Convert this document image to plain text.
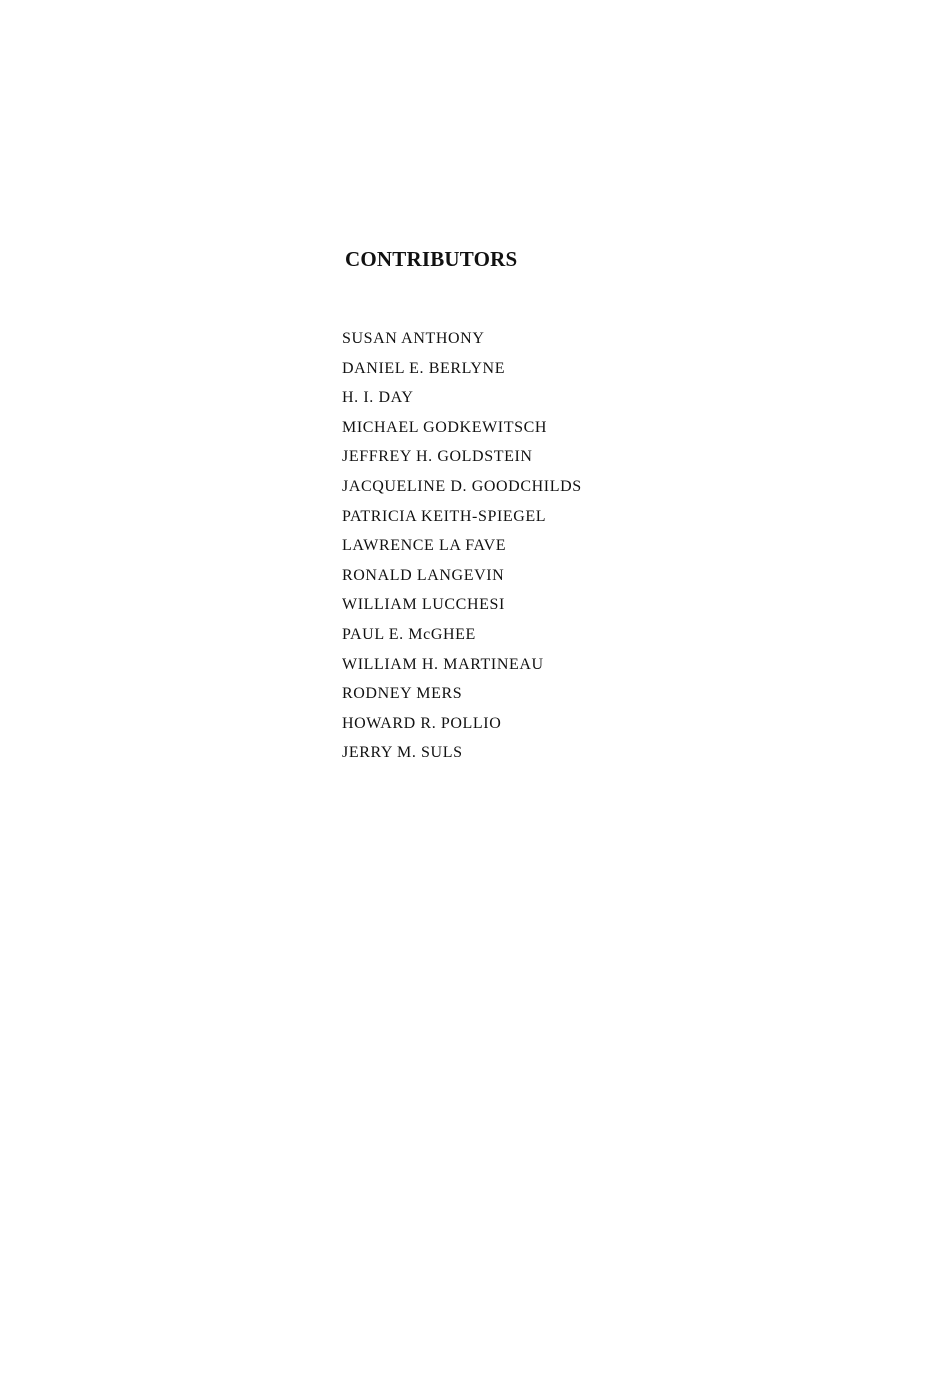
CONTRIBUTORS
SUSAN ANTHONY
DANIEL E. BERLYNE
H. I. DAY
MICHAEL GODKEWITSCH
JEFFREY H. GOLDSTEIN
JACQUELINE D. GOODCHILDS
PATRICIA KEITH-SPIEGEL
LAWRENCE LA FAVE
RONALD LANGEVIN
WILLIAM LUCCHESI
PAUL E. McGHEE
WILLIAM H. MARTINEAU
RODNEY MERS
HOWARD R. POLLIO
JERRY M. SULS
